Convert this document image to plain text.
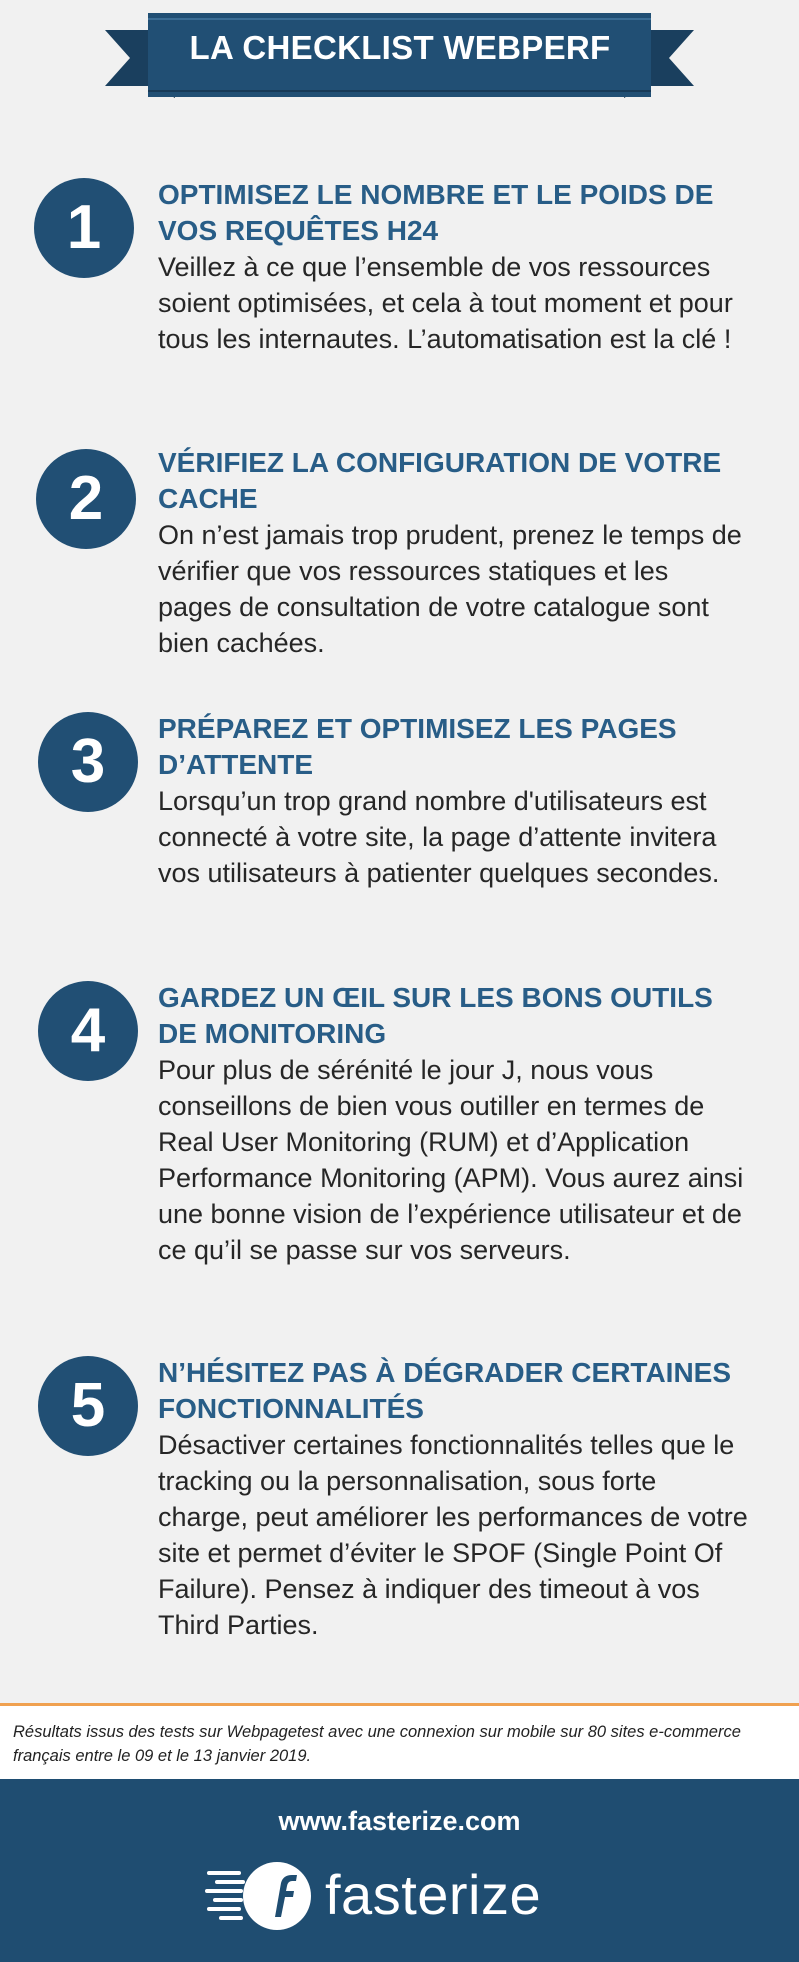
LA CHECKLIST WEBPERF
1	OPTIMISEZ LE NOMBRE ET LE POIDS DE VOS REQUÊTES H24
Veillez à ce que l’ensemble de vos ressources soient optimisées, et cela à tout moment et pour tous les internautes. L’automatisation est la clé !
2
VÉRIFIEZ LA CONFIGURATION DE VOTRE CACHE
On n’est jamais trop prudent, prenez le temps de vérifier que vos ressources statiques et les pages de consultation de votre catalogue sont bien cachées.
3	PRÉPAREZ ET OPTIMISEZ LES PAGES D’ATTENTE
Lorsqu’un trop grand nombre d'utilisateurs est connecté à votre site, la page d’attente invitera vos utilisateurs à patienter quelques secondes.
4	GARDEZ UN ŒIL SUR LES BONS OUTILS DE MONITORING
Pour plus de sérénité le jour J, nous vous conseillons de bien vous outiller en termes de Real User Monitoring (RUM) et d’Application Performance Monitoring (APM). Vous aurez ainsi une bonne vision de l’expérience utilisateur et de ce qu’il se passe sur vos serveurs.
5	N’HÉSITEZ PAS À DÉGRADER CERTAINES FONCTIONNALITÉS
Désactiver certaines fonctionnalités telles que le tracking ou la personnalisation, sous forte charge, peut améliorer les performances de votre site et permet d’éviter le SPOF (Single Point Of Failure). Pensez à indiquer des timeout à vos Third Parties.
Résultats issus des tests sur Webpagetest avec une connexion sur mobile sur 80 sites e-commerce français entre le 09 et le 13 janvier 2019.
www.fasterize.com
fasterize
